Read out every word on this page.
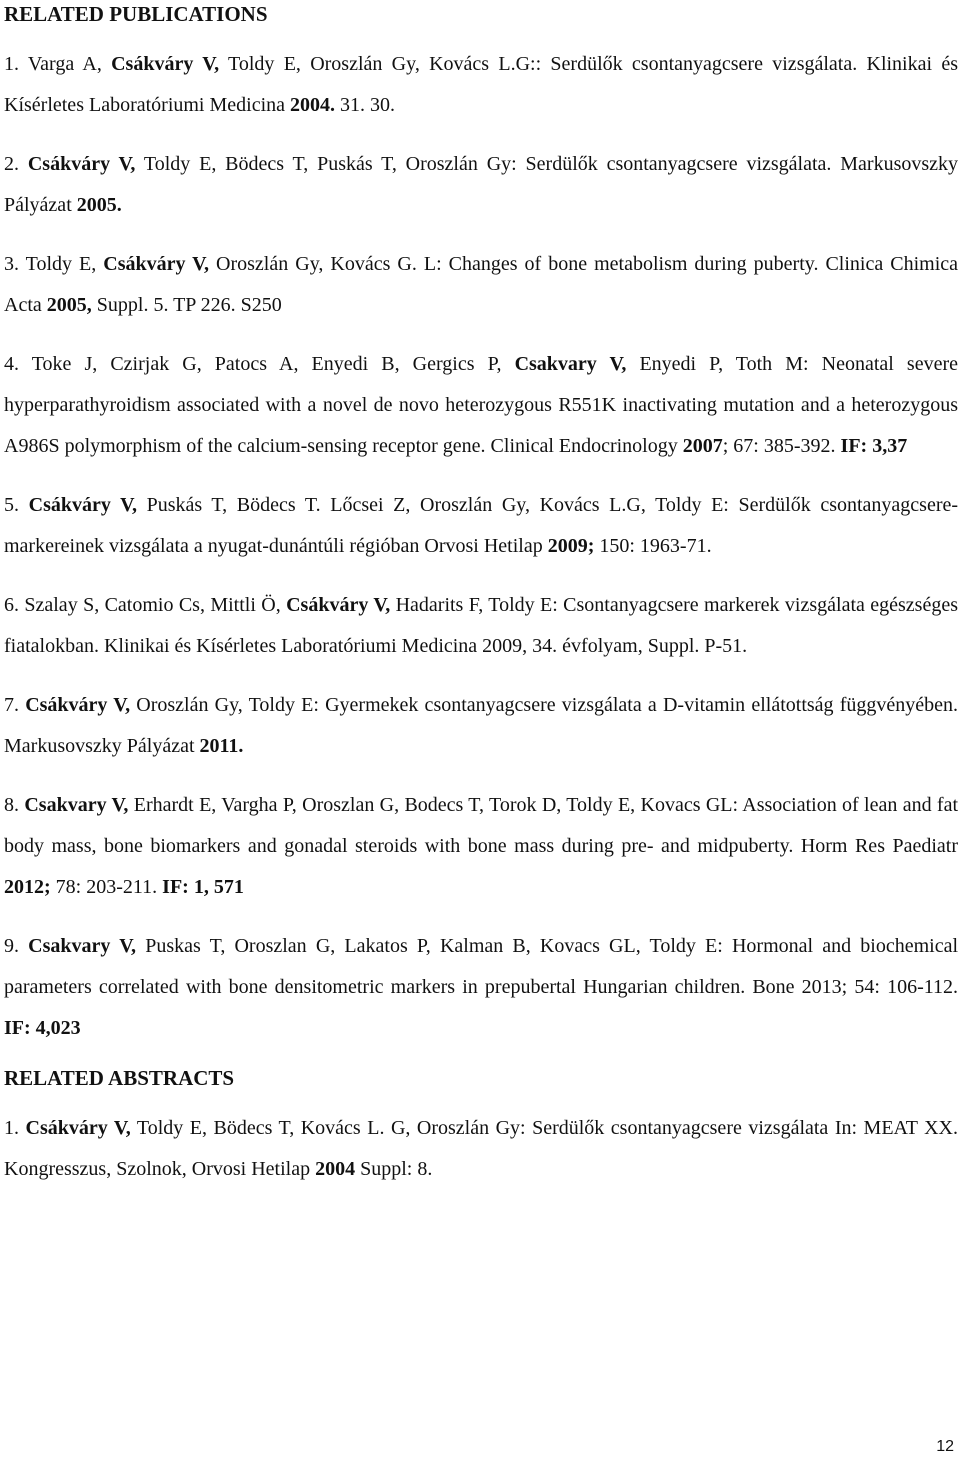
RELATED PUBLICATIONS

1. Varga A, Csákváry V, Toldy E, Oroszlán Gy, Kovács L.G:: Serdülők csontanyagcsere vizsgálata. Klinikai és Kísérletes Laboratóriumi Medicina 2004. 31. 30.

2. Csákváry V, Toldy E, Bödecs T, Puskás T, Oroszlán Gy: Serdülők csontanyagcsere vizsgálata. Markusovszky Pályázat 2005.

3. Toldy E, Csákváry V, Oroszlán Gy, Kovács G. L: Changes of bone metabolism during puberty. Clinica Chimica Acta 2005, Suppl. 5. TP 226. S250

4. Toke J, Czirjak G, Patocs A, Enyedi B, Gergics P, Csakvary V, Enyedi P, Toth M: Neonatal severe hyperparathyroidism associated with a novel de novo heterozygous R551K inactivating mutation and a heterozygous A986S polymorphism of the calcium-sensing receptor gene. Clinical Endocrinology 2007; 67: 385-392. IF: 3,37

5. Csákváry V, Puskás T, Bödecs T. Lőcsei Z, Oroszlán Gy, Kovács L.G, Toldy E: Serdülők csontanyagcsere-markereinek vizsgálata a nyugat-dunántúli régióban Orvosi Hetilap 2009; 150: 1963-71.

6. Szalay S, Catomio Cs, Mittli Ö, Csákváry V, Hadarits F, Toldy E: Csontanyagcsere markerek vizsgálata egészséges fiatalokban. Klinikai és Kísérletes Laboratóriumi Medicina 2009, 34. évfolyam, Suppl. P-51.

7. Csákváry V, Oroszlán Gy, Toldy E: Gyermekek csontanyagcsere vizsgálata a D-vitamin ellátottság függvényében. Markusovszky Pályázat 2011.

8. Csakvary V, Erhardt E, Vargha P, Oroszlan G, Bodecs T, Torok D, Toldy E, Kovacs GL: Association of lean and fat body mass, bone biomarkers and gonadal steroids with bone mass during pre- and midpuberty. Horm Res Paediatr 2012; 78: 203-211. IF: 1, 571

9. Csakvary V, Puskas T, Oroszlan G, Lakatos P, Kalman B, Kovacs GL, Toldy E: Hormonal and biochemical parameters correlated with bone densitometric markers in prepubertal Hungarian children. Bone 2013; 54: 106-112. IF: 4,023

RELATED ABSTRACTS

1. Csákváry V, Toldy E, Bödecs T, Kovács L. G, Oroszlán Gy: Serdülők csontanyagcsere vizsgálata In: MEAT XX. Kongresszus, Szolnok, Orvosi Hetilap 2004 Suppl: 8.

12
